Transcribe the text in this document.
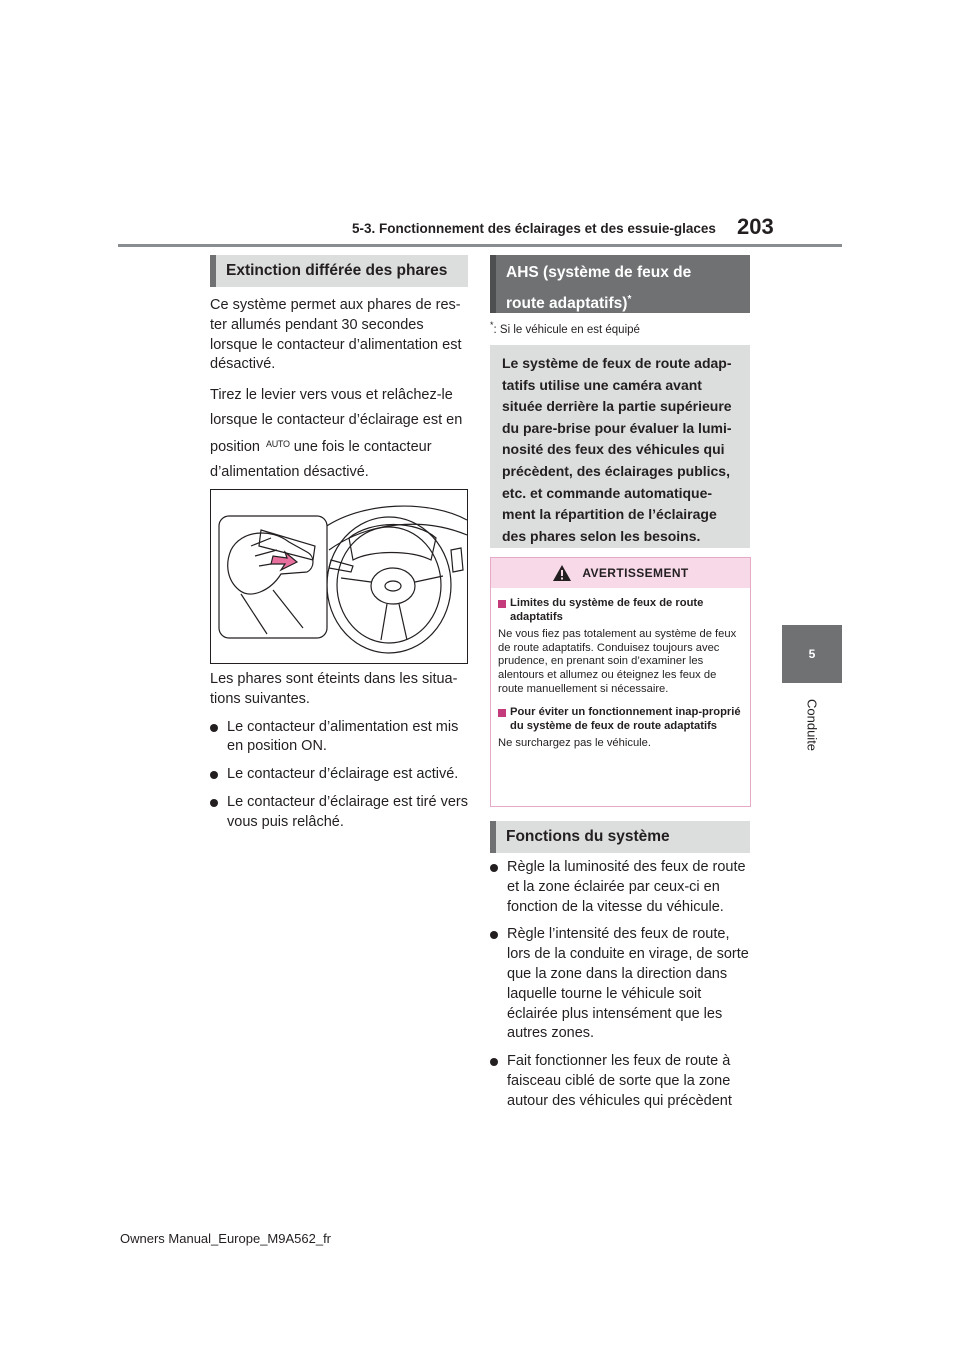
5-3. Fonctionnement des éclairages et des essuie-glaces 203
5
Conduite
Extinction différée des phares

Ce système permet aux phares de res-ter allumés pendant 30 secondes lorsque le contacteur d’alimentation est désactivé.

Tirez le levier vers vous et relâchez-le
lorsque le contacteur d’éclairage est en
position $^{AUTO}$ une fois le contacteur
d’alimentation désactivé.

Les phares sont éteints dans les situa-tions suivantes.

Le contacteur d’alimentation est mis en position ON.
Le contacteur d’éclairage est activé.
Le contacteur d’éclairage est tiré vers vous puis relâché.
AHS (système de feux de
route adaptatifs)*
*: Si le véhicule en est équipé
Le système de feux de route adap-tatifs utilise une caméra avant située derrière la partie supérieure du pare-brise pour évaluer la lumi-nosité des feux des véhicules qui précèdent, des éclairages publics, etc. et commande automatique-ment la répartition de l’éclairage des phares selon les besoins.
AVERTISSEMENT
Limites du système de feux de route adaptatifs
Ne vous fiez pas totalement au système de feux de route adaptatifs. Conduisez toujours avec prudence, en prenant soin d’examiner les alentours et allumez ou éteignez les feux de route manuellement si nécessaire.
Pour éviter un fonctionnement inap-proprié du système de feux de route adaptatifs
Ne surchargez pas le véhicule.
Fonctions du système
Règle la luminosité des feux de route et la zone éclairée par ceux-ci en fonction de la vitesse du véhicule.
Règle l’intensité des feux de route, lors de la conduite en virage, de sorte que la zone dans la direction dans laquelle tourne le véhicule soit éclairée plus intensément que les autres zones.
Fait fonctionner les feux de route à faisceau ciblé de sorte que la zone autour des véhicules qui précèdent
Owners Manual_Europe_M9A562_fr
